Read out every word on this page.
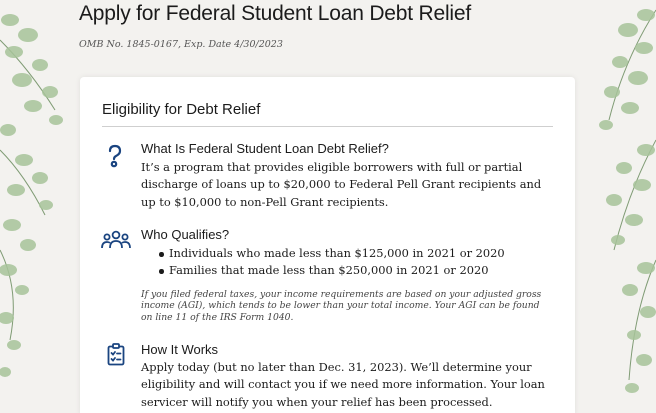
Apply for Federal Student Loan Debt Relief
OMB No. 1845-0167, Exp. Date 4/30/2023
Eligibility for Debt Relief
What Is Federal Student Loan Debt Relief?
It’s a program that provides eligible borrowers with full or partial discharge of loans up to $20,000 to Federal Pell Grant recipients and up to $10,000 to non-Pell Grant recipients.
Who Qualifies?
Individuals who made less than $125,000 in 2021 or 2020
Families that made less than $250,000 in 2021 or 2020
If you filed federal taxes, your income requirements are based on your adjusted gross income (AGI), which tends to be lower than your total income. Your AGI can be found on line 11 of the IRS Form 1040.
How It Works
Apply today (but no later than Dec. 31, 2023). We’ll determine your eligibility and will contact you if we need more information. Your loan servicer will notify you when your relief has been processed.
